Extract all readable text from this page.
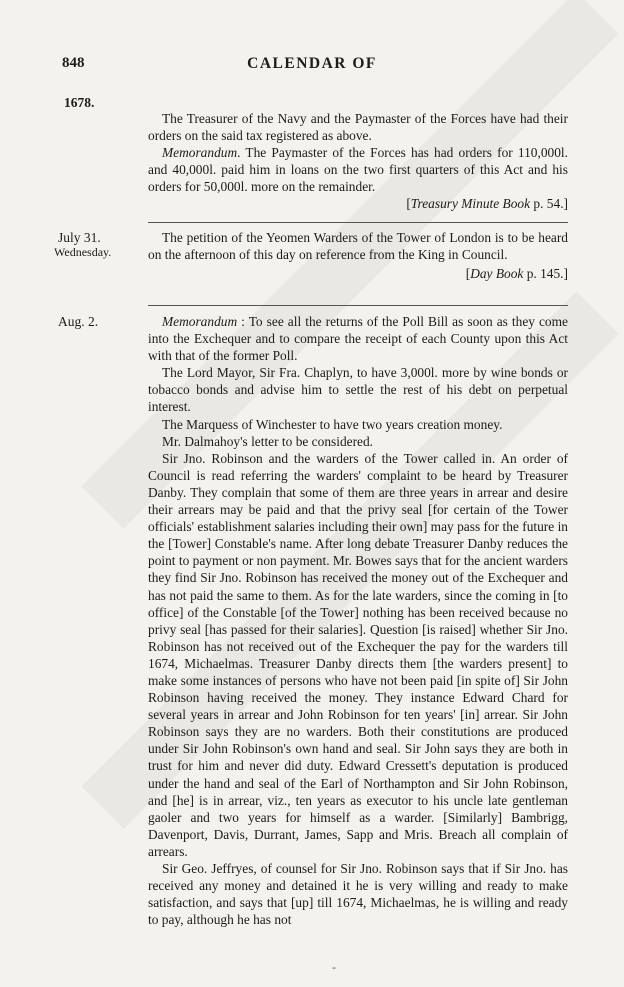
848	CALENDAR OF
1678.

The Treasurer of the Navy and the Paymaster of the Forces have had their orders on the said tax registered as above.

Memorandum. The Paymaster of the Forces has had orders for 110,000l. and 40,000l. paid him in loans on the two first quarters of this Act and his orders for 50,000l. more on the remainder.

[Treasury Minute Book p. 54.]

July 31.
Wednesday.

The petition of the Yeomen Warders of the Tower of London is to be heard on the afternoon of this day on reference from the King in Council.

[Day Book p. 145.]

Aug. 2.	Memorandum : To see all the returns of the Poll Bill as soon as they come into the Exchequer and to compare the receipt of each County upon this Act with that of the former Poll.

The Lord Mayor, Sir Fra. Chaplyn, to have 3,000l. more by wine bonds or tobacco bonds and advise him to settle the rest of his debt on perpetual interest.

The Marquess of Winchester to have two years creation money.

Mr. Dalmahoy's letter to be considered.

Sir Jno. Robinson and the warders of the Tower called in. An order of Council is read referring the warders' complaint to be heard by Treasurer Danby. They complain that some of them are three years in arrear and desire their arrears may be paid and that the privy seal [for certain of the Tower officials' establishment salaries including their own] may pass for the future in the [Tower] Constable's name. After long debate Treasurer Danby reduces the point to payment or non payment. Mr. Bowes says that for the ancient warders they find Sir Jno. Robinson has received the money out of the Exchequer and has not paid the same to them. As for the late warders, since the coming in [to office] of the Constable [of the Tower] nothing has been received because no privy seal [has passed for their salaries]. Question [is raised] whether Sir Jno. Robinson has not received out of the Exchequer the pay for the warders till 1674, Michaelmas. Treasurer Danby directs them [the warders present] to make some instances of persons who have not been paid [in spite of] Sir John Robinson having received the money. They instance Edward Chard for several years in arrear and John Robinson for ten years' [in] arrear. Sir John Robinson says they are no warders. Both their constitutions are produced under Sir John Robinson's own hand and seal. Sir John says they are both in trust for him and never did duty. Edward Cressett's deputation is produced under the hand and seal of the Earl of Northampton and Sir John Robinson, and [he] is in arrear, viz., ten years as executor to his uncle late gentleman gaoler and two years for himself as a warder. [Similarly] Bambrigg, Davenport, Davis, Durrant, James, Sapp and Mris. Breach all complain of arrears.

Sir Geo. Jeffryes, of counsel for Sir Jno. Robinson says that if Sir Jno. has received any money and detained it he is very willing and ready to make satisfaction, and says that [up] till 1674, Michaelmas, he is willing and ready to pay, although he has not

-
